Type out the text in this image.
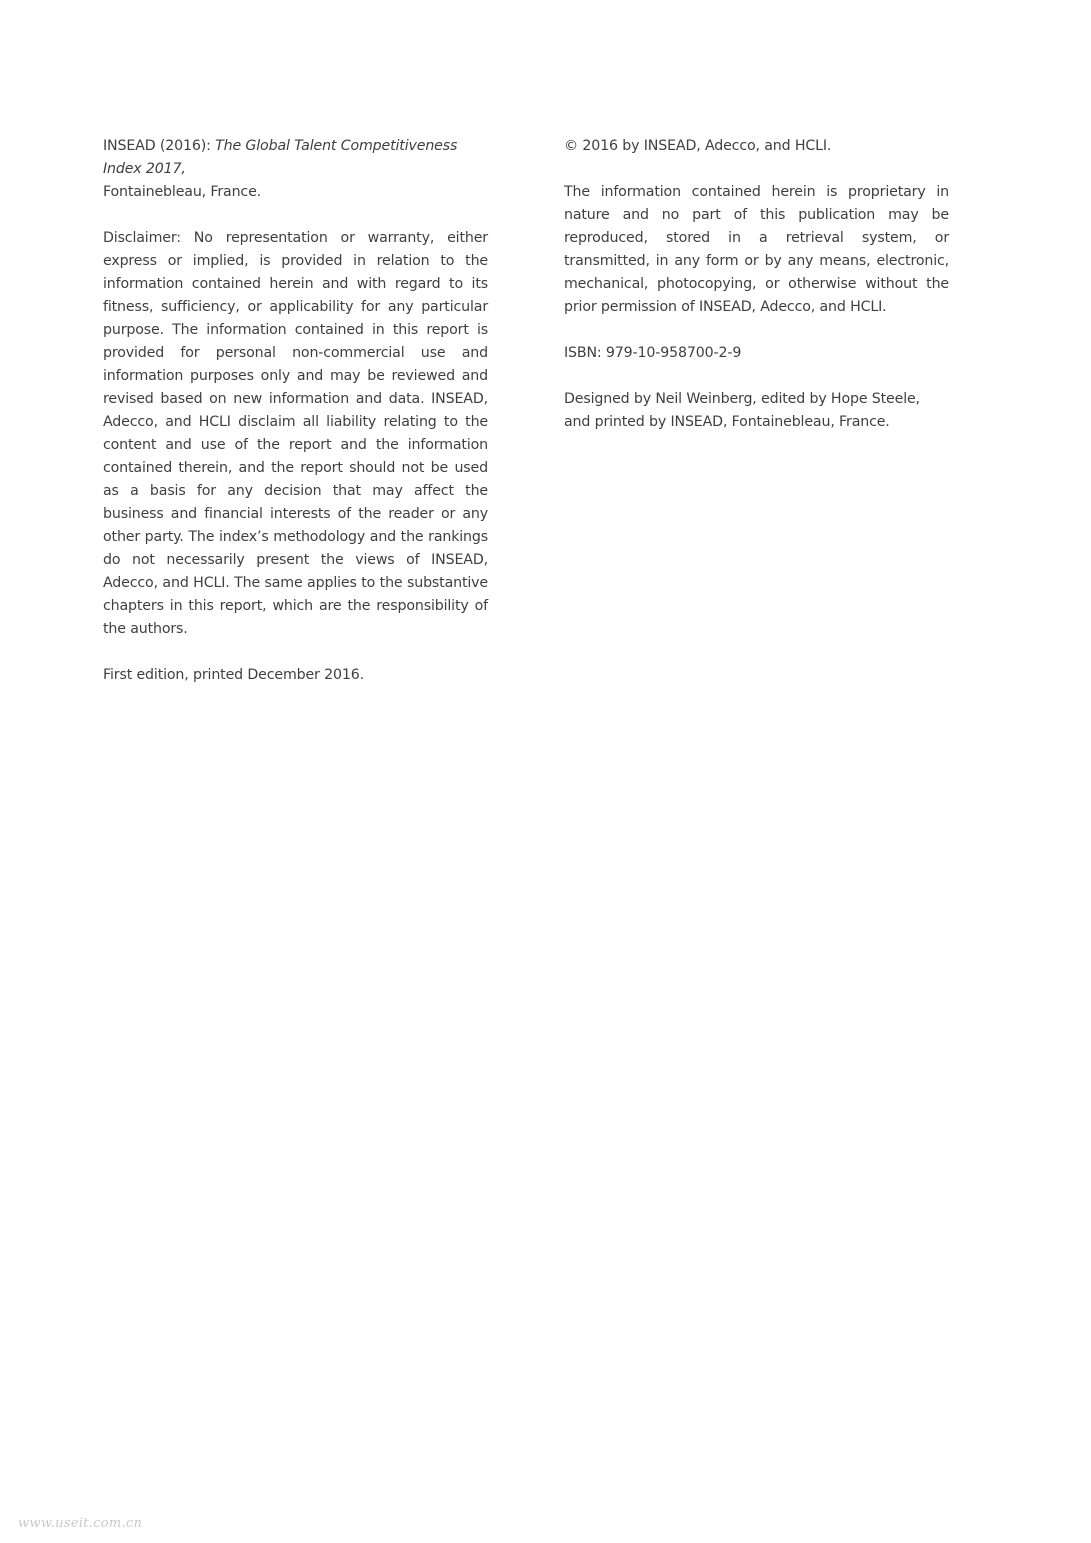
INSEAD (2016): The Global Talent Competitiveness Index 2017,
Fontainebleau, France.

Disclaimer: No representation or warranty, either express or implied, is provided in relation to the information contained herein and with regard to its fitness, sufficiency, or applicability for any particular purpose. The information contained in this report is provided for personal non-commercial use and information purposes only and may be reviewed and revised based on new information and data. INSEAD, Adecco, and HCLI disclaim all liability relating to the content and use of the report and the information contained therein, and the report should not be used as a basis for any decision that may affect the business and financial interests of the reader or any other party. The index’s methodology and the rankings do not necessarily present the views of INSEAD, Adecco, and HCLI. The same applies to the substantive chapters in this report, which are the responsibility of the authors.

First edition, printed December 2016.

© 2016 by INSEAD, Adecco, and HCLI.

The information contained herein is proprietary in nature and no part of this publication may be reproduced, stored in a retrieval system, or transmitted, in any form or by any means, electronic, mechanical, photocopying, or otherwise without the prior permission of INSEAD, Adecco, and HCLI.

ISBN: 979-10-958700-2-9

Designed by Neil Weinberg, edited by Hope Steele,
and printed by INSEAD, Fontainebleau, France.

www.useit.com.cn
